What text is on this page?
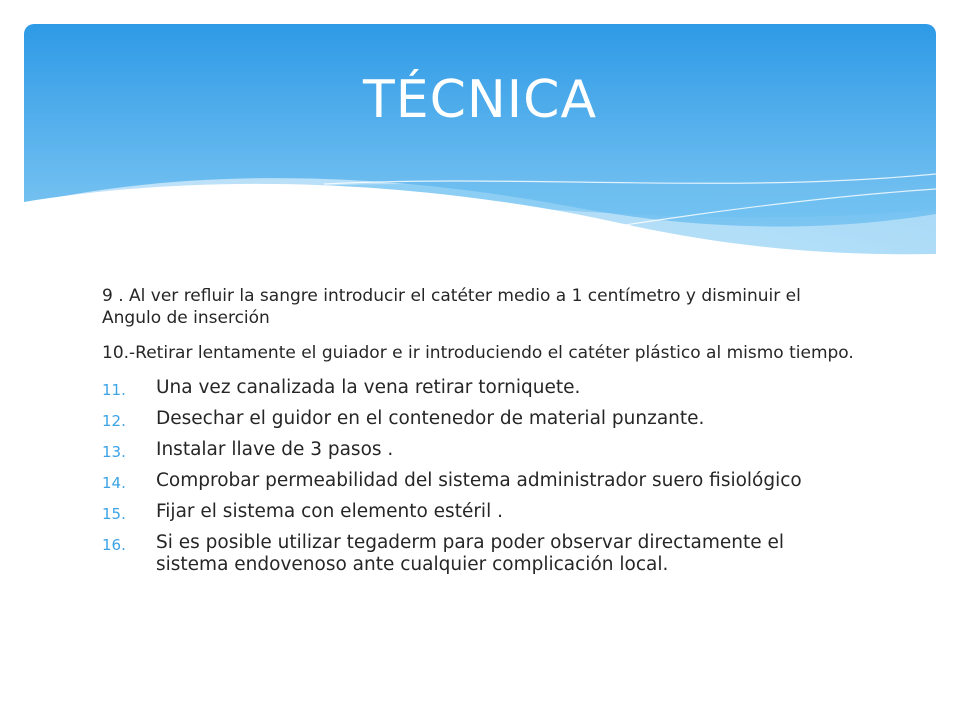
TÉCNICA

9 . Al ver refluir la sangre introducir el catéter medio a 1 centímetro y disminuir el Angulo de inserción

10.-Retirar lentamente el guiador e ir introduciendo el catéter plástico al mismo tiempo.

11. Una vez canalizada la vena retirar torniquete.
12. Desechar el guidor en el contenedor de material punzante.
13. Instalar llave de 3 pasos .
14. Comprobar permeabilidad del sistema administrador suero fisiológico
15. Fijar el sistema con elemento estéril .
16. Si es posible utilizar tegaderm para poder observar directamente el sistema endovenoso ante cualquier complicación local.
